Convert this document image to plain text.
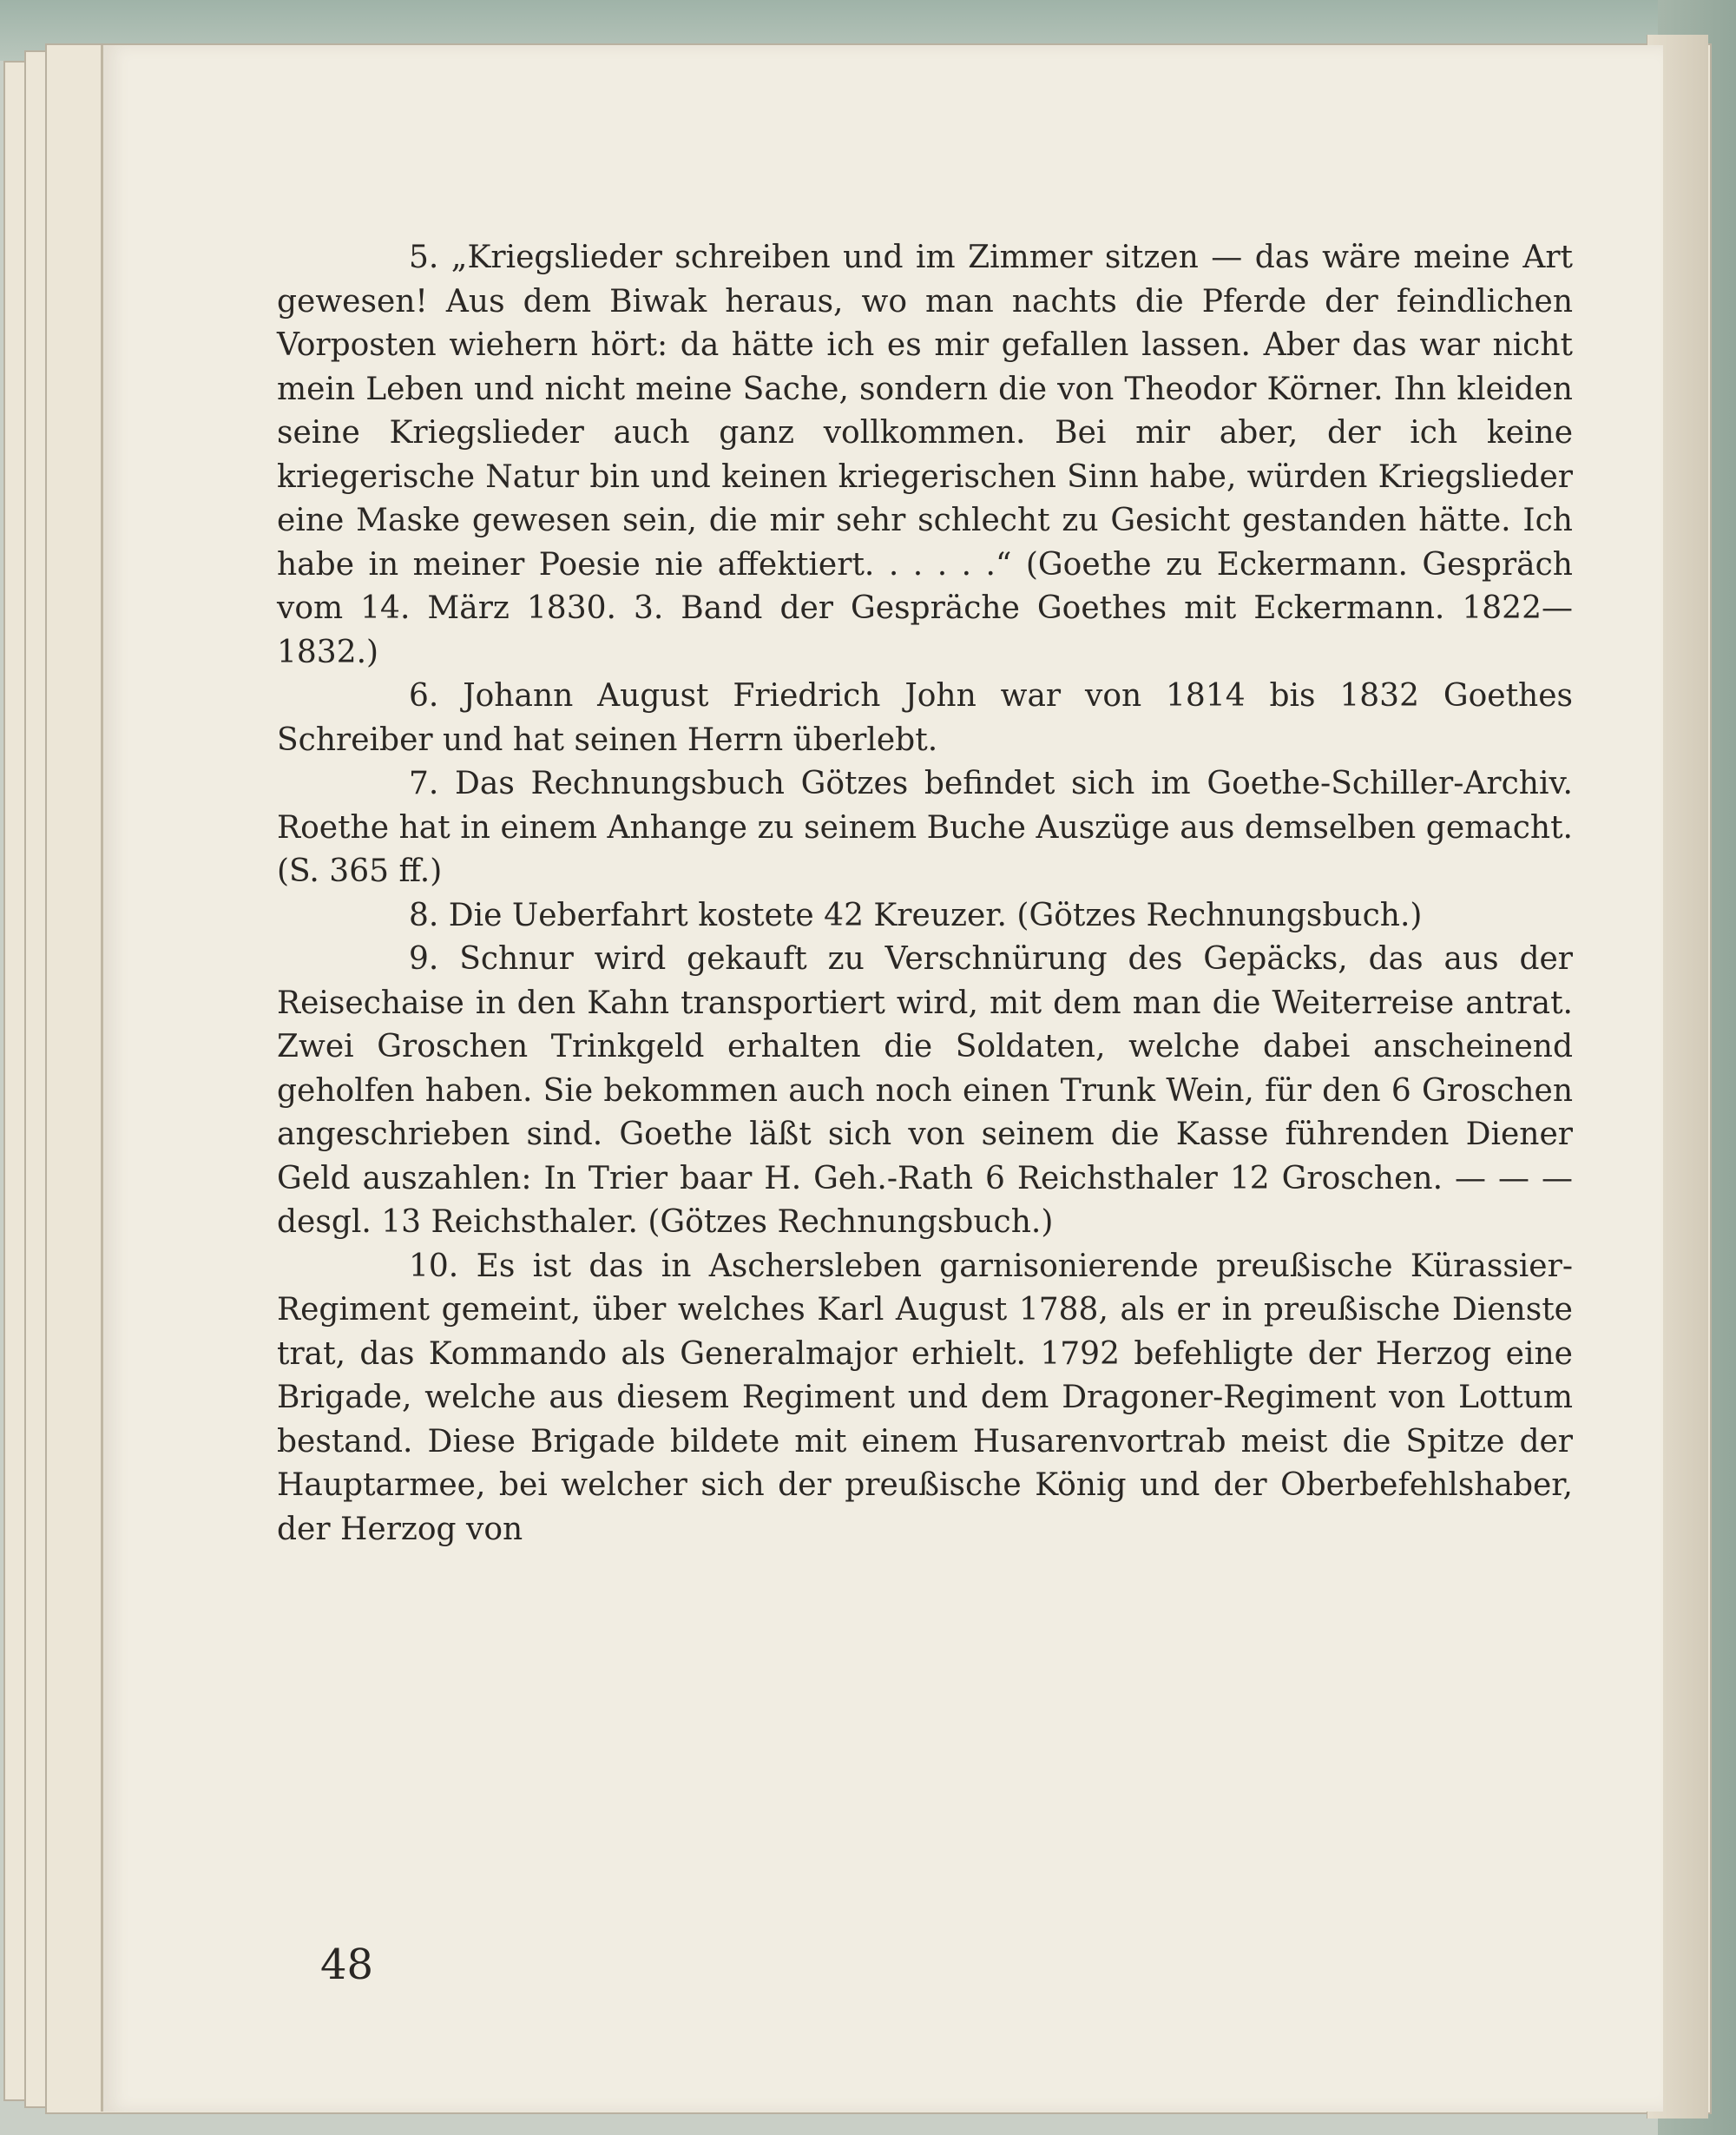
5. „Kriegslieder schreiben und im Zimmer sitzen — das wäre meine Art gewesen! Aus dem Biwak heraus, wo man nachts die Pferde der feindlichen Vorposten wiehern hört: da hätte ich es mir gefallen lassen. Aber das war nicht mein Leben und nicht meine Sache, sondern die von Theodor Körner. Ihn kleiden seine Kriegslieder auch ganz vollkommen. Bei mir aber, der ich keine kriegerische Natur bin und keinen kriegerischen Sinn habe, würden Kriegslieder eine Maske gewesen sein, die mir sehr schlecht zu Gesicht gestanden hätte. Ich habe in meiner Poesie nie affektiert. . . . . .“ (Goethe zu Eckermann. Gespräch vom 14. März 1830. 3. Band der Gespräche Goethes mit Eckermann. 1822—1832.)

6. Johann August Friedrich John war von 1814 bis 1832 Goethes Schreiber und hat seinen Herrn überlebt.

7. Das Rechnungsbuch Götzes befindet sich im Goethe-Schiller-Archiv. Roethe hat in einem Anhange zu seinem Buche Auszüge aus demselben gemacht. (S. 365 ff.)

8. Die Ueberfahrt kostete 42 Kreuzer. (Götzes Rechnungsbuch.)

9. Schnur wird gekauft zu Verschnürung des Gepäcks, das aus der Reisechaise in den Kahn transportiert wird, mit dem man die Weiterreise antrat. Zwei Groschen Trinkgeld erhalten die Soldaten, welche dabei anscheinend geholfen haben. Sie bekommen auch noch einen Trunk Wein, für den 6 Groschen angeschrieben sind. Goethe läßt sich von seinem die Kasse führenden Diener Geld auszahlen: In Trier baar H. Geh.-Rath 6 Reichsthaler 12 Groschen. — — — desgl. 13 Reichsthaler. (Götzes Rechnungsbuch.)

10. Es ist das in Aschersleben garnisonierende preußische Kürassier-Regiment gemeint, über welches Karl August 1788, als er in preußische Dienste trat, das Kommando als Generalmajor erhielt. 1792 befehligte der Herzog eine Brigade, welche aus diesem Regiment und dem Dragoner-Regiment von Lottum bestand. Diese Brigade bildete mit einem Husarenvortrab meist die Spitze der Hauptarmee, bei welcher sich der preußische König und der Oberbefehlshaber, der Herzog von

48
